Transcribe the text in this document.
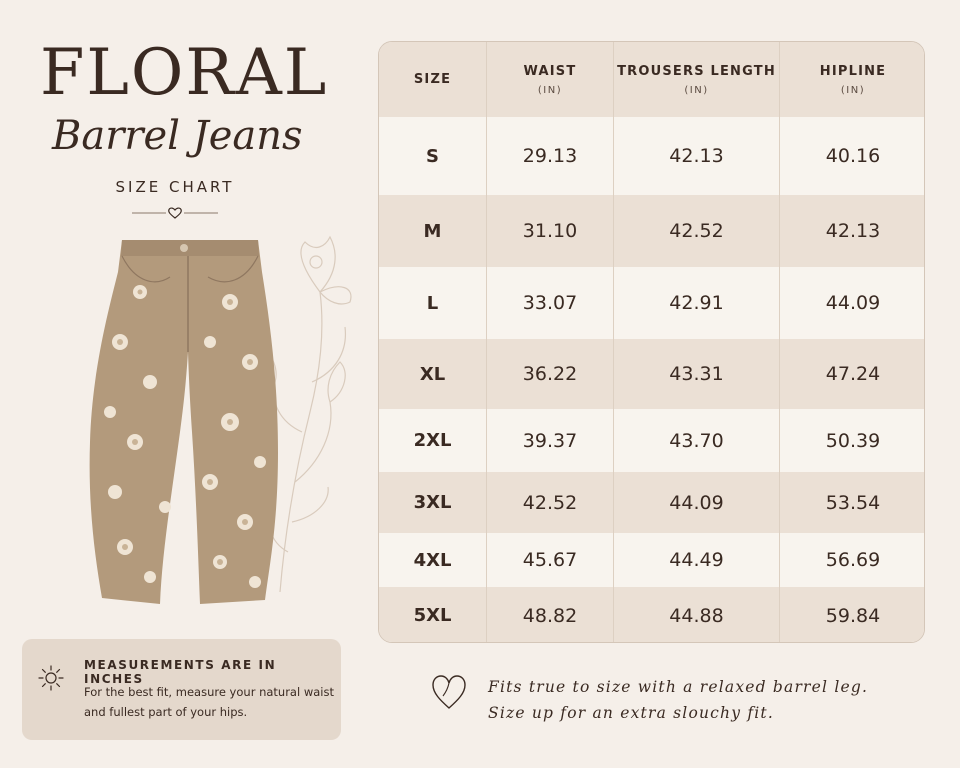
FLORAL
Barrel Jeans
SIZE CHART
MEASUREMENTS ARE IN INCHES
For the best fit, measure your natural waist and fullest part of your hips.
SIZE
WAIST
(IN)
TROUSERS LENGTH
(IN)
HIPLINE
(IN)
S	29.13	42.13	40.16
M	31.10	42.52	42.13
L	33.07	42.91	44.09
XL	36.22	43.31	47.24
2XL	39.37	43.70	50.39
3XL	42.52	44.09	53.54
4XL	45.67	44.49	56.69
5XL	48.82	44.88	59.84
Fits true to size with a relaxed barrel leg.
Size up for an extra slouchy fit.
